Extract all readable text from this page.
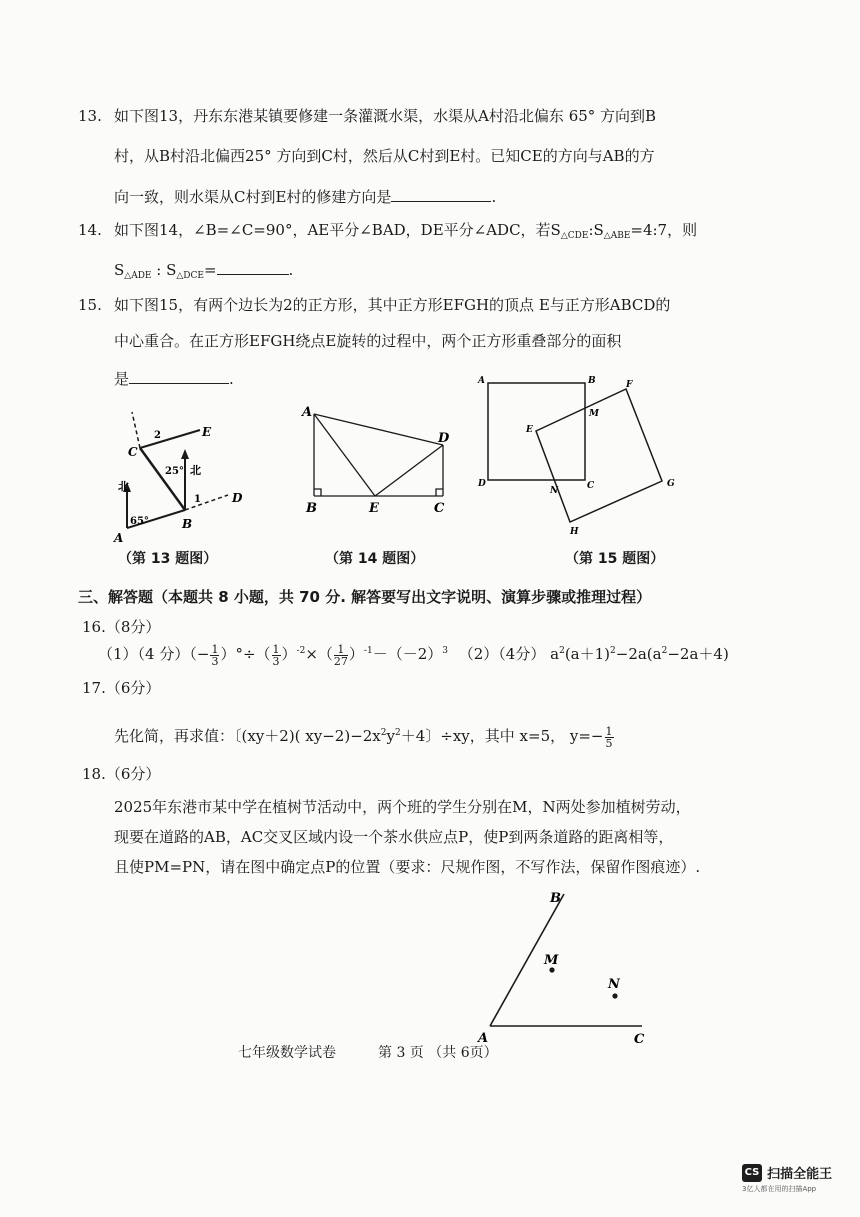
13. 如下图13，丹东东港某镇要修建一条灌溉水渠，水渠从A村沿北偏东 65° 方向到B
村，从B村沿北偏西25° 方向到C村，然后从C村到E村。已知CE的方向与AB的方
向一致，则水渠从C村到E村的修建方向是	.
14. 如下图14，∠B=∠C=90°，AE平分∠BAD，DE平分∠ADC，若$S_{\triangle CDE}:S_{\triangle ABE}=4:7$，则
$S_{\triangle ADE}$ : $S_{\triangle DCE}=$	.
15. 如下图15，有两个边长为2的正方形，其中正方形EFGH的顶点 E与正方形ABCD的
中心重合。在正方形EFGH绕点E旋转的过程中，两个正方形重叠部分的面积
是	.
A
B
C
D
E
北
北
65°
25°
1
2
A
B	C
D
E
A	B
C
D
E
F
G
H
M
N
（第 13 题图）	（第 14 题图）	（第 15 题图）
三、解答题（本题共 8 小题，共 70 分. 解答要写出文字说明、演算步骤或推理过程）
16.（8分）
（1）（4 分）（− $\frac{1}{3}$ ）°÷（ $\frac{1}{3} )^{-2}\times( \frac{1}{27} )^{-1}-(-2)^3$ （2）（4分） $a^2(a+1)^2-2a(a^2-2a+4)$
17.（6分）
先化简，再求值：〔(xy＋2)( $xy-2)-2x^2y^2+4$〕÷xy，其中 x=5， $y=- \frac{1}{5}$
18.（6分）
2025年东港市某中学在植树节活动中，两个班的学生分别在M，N两处参加植树劳动，
现要在道路的AB，AC交叉区域内设一个茶水供应点P，使P到两条道路的距离相等，
且使PM=PN，请在图中确定点P的位置（要求：尺规作图，不写作法，保留作图痕迹）.
A
B
C
M
N
七年级数学试卷	第 3 页 （共 6页）
CS 扫描全能王
3亿人都在用的扫描App
